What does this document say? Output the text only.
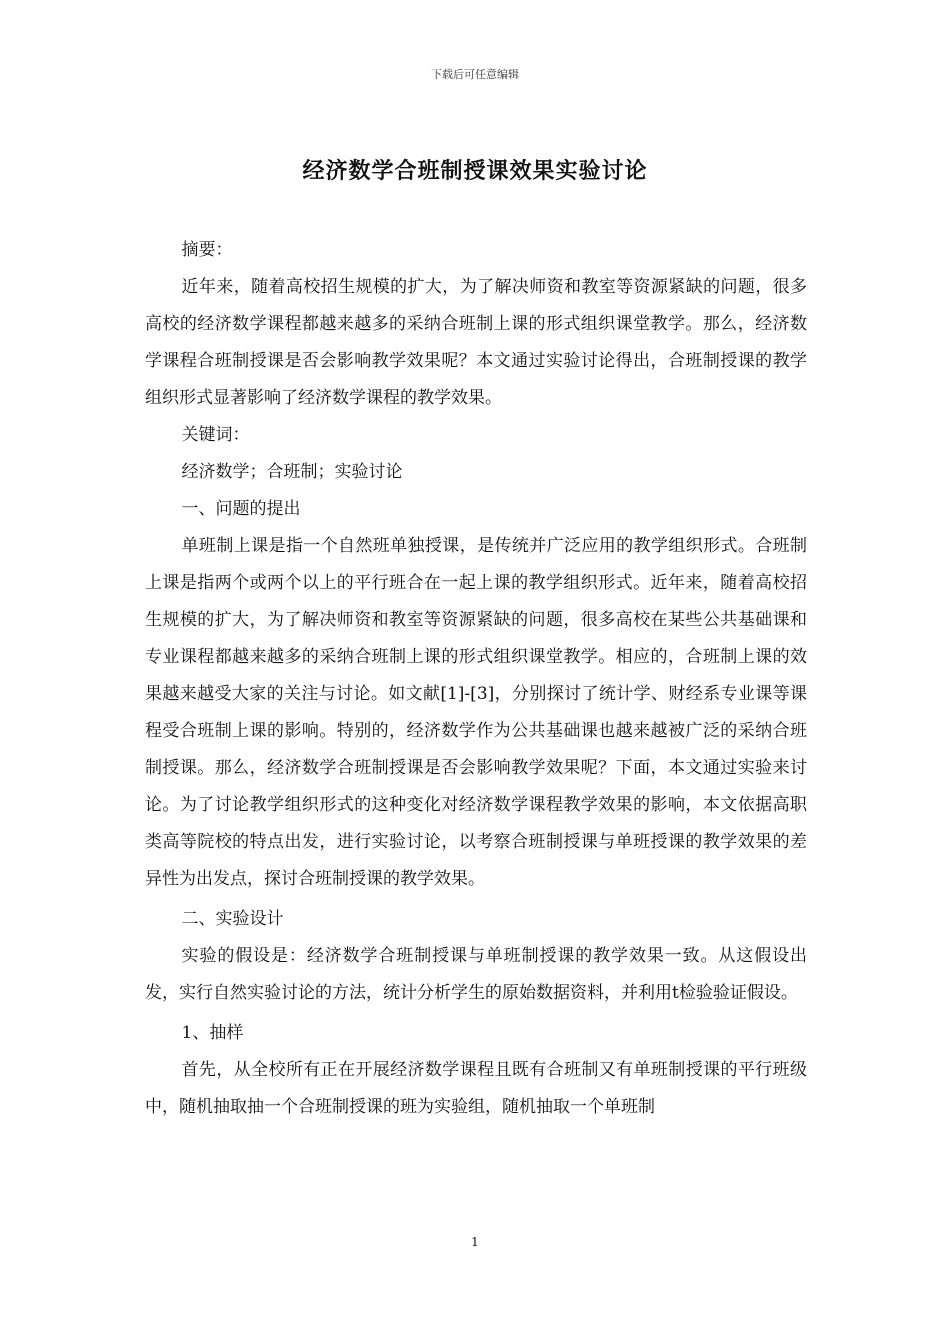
下载后可任意编辑
经济数学合班制授课效果实验讨论

摘要：

近年来，随着高校招生规模的扩大，为了解决师资和教室等资源紧缺的问题，很多高校的经济数学课程都越来越多的采纳合班制上课的形式组织课堂教学。那么，经济数学课程合班制授课是否会影响教学效果呢？本文通过实验讨论得出，合班制授课的教学组织形式显著影响了经济数学课程的教学效果。

关键词：

经济数学；合班制；实验讨论

一、问题的提出

单班制上课是指一个自然班单独授课，是传统并广泛应用的教学组织形式。合班制上课是指两个或两个以上的平行班合在一起上课的教学组织形式。近年来，随着高校招生规模的扩大，为了解决师资和教室等资源紧缺的问题，很多高校在某些公共基础课和专业课程都越来越多的采纳合班制上课的形式组织课堂教学。相应的，合班制上课的效果越来越受大家的关注与讨论。如文献[1]-[3]，分别探讨了统计学、财经系专业课等课程受合班制上课的影响。特别的，经济数学作为公共基础课也越来越被广泛的采纳合班制授课。那么，经济数学合班制授课是否会影响教学效果呢？下面，本文通过实验来讨论。为了讨论教学组织形式的这种变化对经济数学课程教学效果的影响，本文依据高职类高等院校的特点出发，进行实验讨论，以考察合班制授课与单班授课的教学效果的差异性为出发点，探讨合班制授课的教学效果。

二、实验设计

实验的假设是：经济数学合班制授课与单班制授课的教学效果一致。从这假设出发，实行自然实验讨论的方法，统计分析学生的原始数据资料，并利用t检验验证假设。

1、抽样

首先，从全校所有正在开展经济数学课程且既有合班制又有单班制授课的平行班级中，随机抽取抽一个合班制授课的班为实验组，随机抽取一个单班制

1
